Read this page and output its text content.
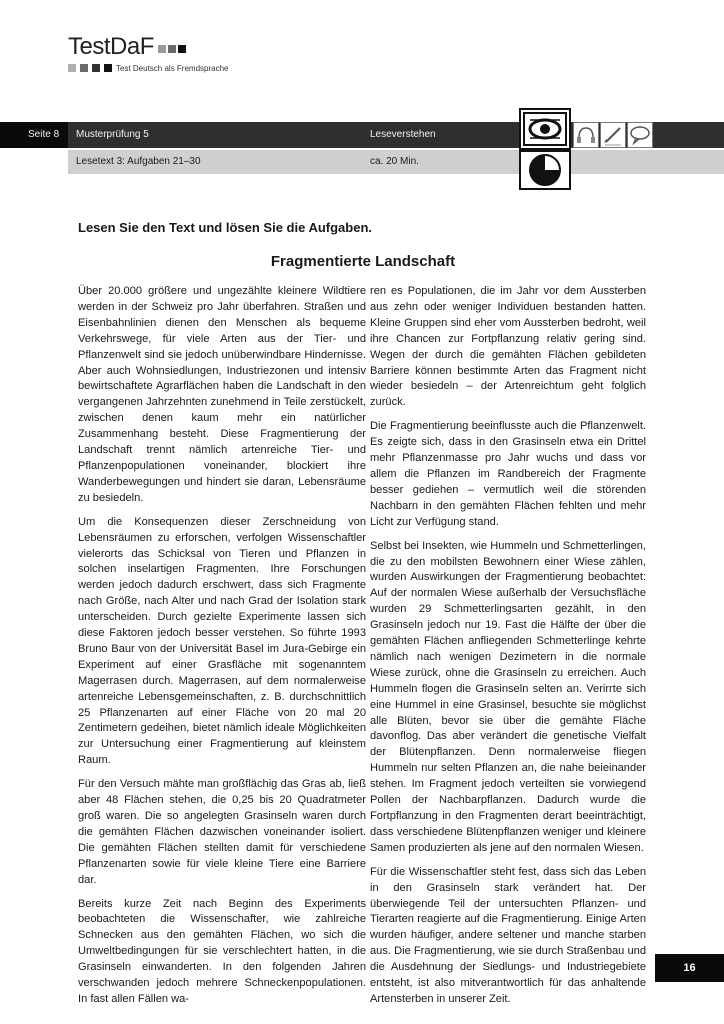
TestDaF
Test Deutsch als Fremdsprache
Seite 8 Musterprüfung 5	Leseverstehen
Lesetext 3: Aufgaben 21–30	ca. 20 Min.
Lesen Sie den Text und lösen Sie die Aufgaben.
Fragmentierte Landschaft

Über 20.000 größere und ungezählte kleinere Wildtiere werden in der Schweiz pro Jahr überfahren. Straßen und Eisenbahnlinien dienen den Menschen als bequeme Verkehrswege, für viele Arten aus der Tier- und Pflanzenwelt sind sie jedoch unüberwindbare Hindernisse. Aber auch Wohnsiedlungen, Industriezonen und intensiv bewirtschaftete Agrarflächen haben die Landschaft in den vergangenen Jahrzehnten zunehmend in Teile zerstückelt, zwischen denen kaum mehr ein natürlicher Zusammenhang besteht. Diese Fragmentierung der Landschaft trennt nämlich artenreiche Tier- und Pflanzenpopulationen voneinander, blockiert ihre Wanderbewegungen und hindert sie daran, Lebensräume zu besiedeln.

Um die Konsequenzen dieser Zerschneidung von Lebensräumen zu erforschen, verfolgen Wissenschaftler vielerorts das Schicksal von Tieren und Pflanzen in solchen inselartigen Fragmenten. Ihre Forschungen werden jedoch dadurch erschwert, dass sich Fragmente nach Größe, nach Alter und nach Grad der Isolation stark unterscheiden. Durch gezielte Experimente lassen sich diese Faktoren jedoch besser verstehen. So führte 1993 Bruno Baur von der Universität Basel im Jura-Gebirge ein Experiment auf einer Grasfläche mit sogenanntem Magerrasen durch. Magerrasen, auf dem normalerweise artenreiche Lebensgemeinschaften, z. B. durchschnittlich 25 Pflanzenarten auf einer Fläche von 20 mal 20 Zentimetern gedeihen, bietet nämlich ideale Möglichkeiten zur Untersuchung einer Fragmentierung auf kleinstem Raum.

Für den Versuch mähte man großflächig das Gras ab, ließ aber 48 Flächen stehen, die 0,25 bis 20 Quadratmeter groß waren. Die so angelegten Grasinseln waren durch die gemähten Flächen dazwischen voneinander isoliert. Die gemähten Flächen stellten damit für verschiedene Pflanzenarten sowie für viele kleine Tiere eine Barriere dar.

Bereits kurze Zeit nach Beginn des Experiments beobachteten die Wissenschafter, wie zahlreiche Schnecken aus den gemähten Flächen, wo sich die Umweltbedingungen für sie verschlechtert hatten, in die Grasinseln einwanderten. In den folgenden Jahren verschwanden jedoch mehrere Schneckenpopulationen. In fast allen Fällen wa-

ren es Populationen, die im Jahr vor dem Aussterben aus zehn oder weniger Individuen bestanden hatten. Kleine Gruppen sind eher vom Aussterben bedroht, weil ihre Chancen zur Fortpflanzung relativ gering sind. Wegen der durch die gemähten Flächen gebildeten Barriere können bestimmte Arten das Fragment nicht wieder besiedeln – der Artenreichtum geht folglich zurück.

Die Fragmentierung beeinflusste auch die Pflanzenwelt. Es zeigte sich, dass in den Grasinseln etwa ein Drittel mehr Pflanzenmasse pro Jahr wuchs und dass vor allem die Pflanzen im Randbereich der Fragmente besser gediehen – vermutlich weil die störenden Nachbarn in den gemähten Flächen fehlten und mehr Licht zur Verfügung stand.

Selbst bei Insekten, wie Hummeln und Schmetterlingen, die zu den mobilsten Bewohnern einer Wiese zählen, wurden Auswirkungen der Fragmentierung beobachtet: Auf der normalen Wiese außerhalb der Versuchsfläche wurden 29 Schmetterlingsarten gezählt, in den Grasinseln jedoch nur 19. Fast die Hälfte der über die gemähten Flächen anfliegenden Schmetterlinge kehrte nämlich nach wenigen Dezimetern in die normale Wiese zurück, ohne die Grasinseln zu erreichen. Auch Hummeln flogen die Grasinseln selten an. Verirrte sich eine Hummel in eine Grasinsel, besuchte sie möglichst alle Blüten, bevor sie über die gemähte Fläche davonflog. Das aber verändert die genetische Vielfalt der Blütenpflanzen. Denn normalerweise fliegen Hummeln nur selten Pflanzen an, die nahe beieinander stehen. Im Fragment jedoch verteilten sie vorwiegend Pollen der Nachbarpflanzen. Dadurch wurde die Fortpflanzung in den Fragmenten derart beeinträchtigt, dass verschiedene Blütenpflanzen weniger und kleinere Samen produzierten als jene auf den normalen Wiesen.

Für die Wissenschaftler steht fest, dass sich das Leben in den Grasinseln stark verändert hat. Der überwiegende Teil der untersuchten Pflanzen- und Tierarten reagierte auf die Fragmentierung. Einige Arten wurden häufiger, andere seltener und manche starben aus. Die Fragmentierung, wie sie durch Straßenbau und die Ausdehnung der Siedlungs- und Industriegebiete entsteht, ist also mitverantwortlich für das anhaltende Artensterben in unserer Zeit.

16
